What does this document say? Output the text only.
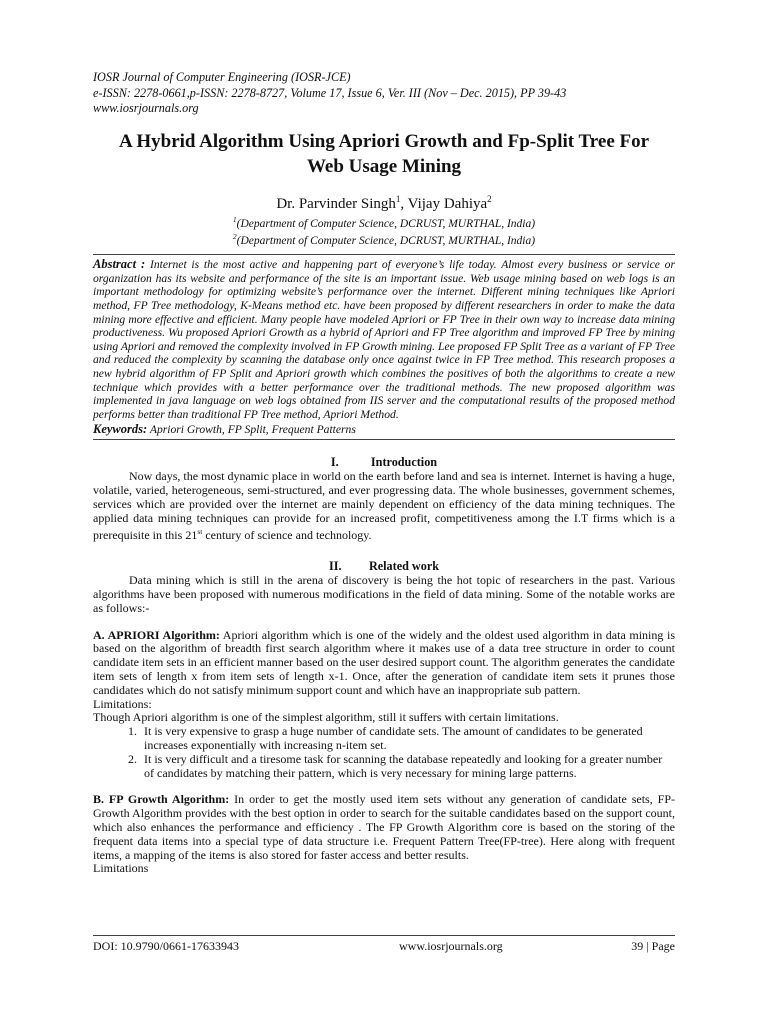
IOSR Journal of Computer Engineering (IOSR-JCE)

e-ISSN: 2278-0661,p-ISSN: 2278-8727, Volume 17, Issue 6, Ver. III (Nov – Dec. 2015), PP 39-43

www.iosrjournals.org

A Hybrid Algorithm Using Apriori Growth and Fp-Split Tree For
Web Usage Mining

Dr. Parvinder Singh$^1$, Vijay Dahiya$^2$

$^1$(Department of Computer Science, DCRUST, MURTHAL, India)

$^2$(Department of Computer Science, DCRUST, MURTHAL, India)

Abstract : Internet is the most active and happening part of everyone’s life today. Almost every business or service or organization has its website and performance of the site is an important issue. Web usage mining based on web logs is an important methodology for optimizing website’s performance over the internet. Different mining techniques like Apriori method, FP Tree methodology, K-Means method etc. have been proposed by different researchers in order to make the data mining more effective and efficient. Many people have modeled Apriori or FP Tree in their own way to increase data mining productiveness. Wu proposed Apriori Growth as a hybrid of Apriori and FP Tree algorithm and improved FP Tree by mining using Apriori and removed the complexity involved in FP Growth mining. Lee proposed FP Split Tree as a variant of FP Tree and reduced the complexity by scanning the database only once against twice in FP Tree method. This research proposes a new hybrid algorithm of FP Split and Apriori growth which combines the positives of both the algorithms to create a new technique which provides with a better performance over the traditional methods. The new proposed algorithm was implemented in java language on web logs obtained from IIS server and the computational results of the proposed method performs better than traditional FP Tree method, Apriori Method.

Keywords: Apriori Growth, FP Split, Frequent Patterns

I.	Introduction

Now days, the most dynamic place in world on the earth before land and sea is internet. Internet is having a huge, volatile, varied, heterogeneous, semi-structured, and ever progressing data. The whole businesses, government schemes, services which are provided over the internet are mainly dependent on efficiency of the data mining techniques. The applied data mining techniques can provide for an increased profit, competitiveness among the I.T firms which is a prerequisite in this 21st century of science and technology.

II. Related work

Data mining which is still in the arena of discovery is being the hot topic of researchers in the past. Various algorithms have been proposed with numerous modifications in the field of data mining. Some of the notable works are as follows:-

A. APRIORI Algorithm: Apriori algorithm which is one of the widely and the oldest used algorithm in data mining is based on the algorithm of breadth first search algorithm where it makes use of a data tree structure in order to count candidate item sets in an efficient manner based on the user desired support count. The algorithm generates the candidate item sets of length x from item sets of length x-1. Once, after the generation of candidate item sets it prunes those candidates which do not satisfy minimum support count and which have an inappropriate sub pattern.

Limitations:

Though Apriori algorithm is one of the simplest algorithm, still it suffers with certain limitations.

1. It is very expensive to grasp a huge number of candidate sets. The amount of candidates to be generated increases exponentially with increasing n-item set.
2. It is very difficult and a tiresome task for scanning the database repeatedly and looking for a greater number of candidates by matching their pattern, which is very necessary for mining large patterns.

B. FP Growth Algorithm: In order to get the mostly used item sets without any generation of candidate sets, FP-Growth Algorithm provides with the best option in order to search for the suitable candidates based on the support count, which also enhances the performance and efficiency . The FP Growth Algorithm core is based on the storing of the frequent data items into a special type of data structure i.e. Frequent Pattern Tree(FP-tree). Here along with frequent items, a mapping of the items is also stored for faster access and better results.

Limitations

DOI: 10.9790/0661-17633943	www.iosrjournals.org	39 | Page
